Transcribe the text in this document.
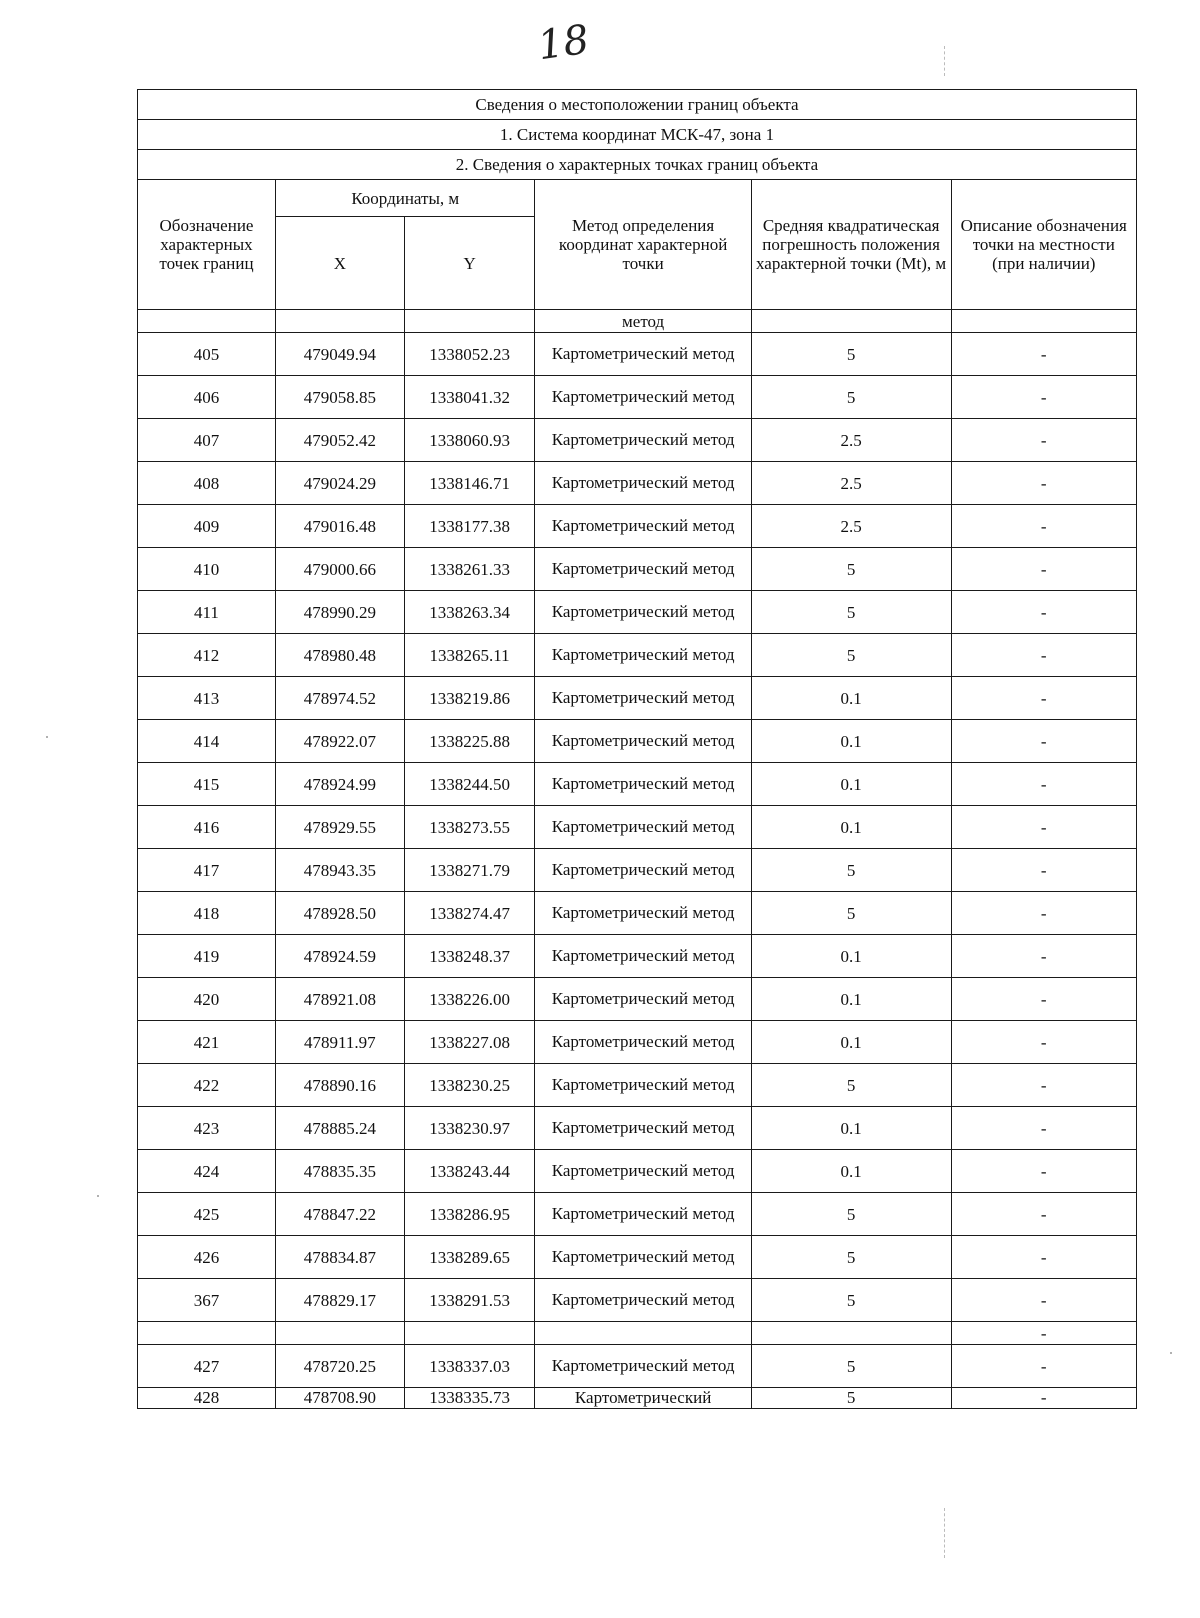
18
Сведения о местоположении границ объекта					
1. Система координат МСК-47, зона 1					
2. Сведения о характерных точках границ объекта					
Обозначение характерных точек границ	Координаты, м		Метод определения координат характерной точки	Средняя квадратическая погрешность положения характерной точки (Mt), м	Описание обозначения точки на местности (при наличии)
	X	Y			
			метод		
405	479049.94	1338052.23	Картометрический метод	5	-
406	479058.85	1338041.32	Картометрический метод	5	-
407	479052.42	1338060.93	Картометрический метод	2.5	-
408	479024.29	1338146.71	Картометрический метод	2.5	-
409	479016.48	1338177.38	Картометрический метод	2.5	-
410	479000.66	1338261.33	Картометрический метод	5	-
411	478990.29	1338263.34	Картометрический метод	5	-
412	478980.48	1338265.11	Картометрический метод	5	-
413	478974.52	1338219.86	Картометрический метод	0.1	-
414	478922.07	1338225.88	Картометрический метод	0.1	-
415	478924.99	1338244.50	Картометрический метод	0.1	-
416	478929.55	1338273.55	Картометрический метод	0.1	-
417	478943.35	1338271.79	Картометрический метод	5	-
418	478928.50	1338274.47	Картометрический метод	5	-
419	478924.59	1338248.37	Картометрический метод	0.1	-
420	478921.08	1338226.00	Картометрический метод	0.1	-
421	478911.97	1338227.08	Картометрический метод	0.1	-
422	478890.16	1338230.25	Картометрический метод	5	-
423	478885.24	1338230.97	Картометрический метод	0.1	-
424	478835.35	1338243.44	Картометрический метод	0.1	-
425	478847.22	1338286.95	Картометрический метод	5	-
426	478834.87	1338289.65	Картометрический метод	5	-
367	478829.17	1338291.53	Картометрический метод	5	-
					-
427	478720.25	1338337.03	Картометрический метод	5	-
428	478708.90	1338335.73	Картометрический	5	-
